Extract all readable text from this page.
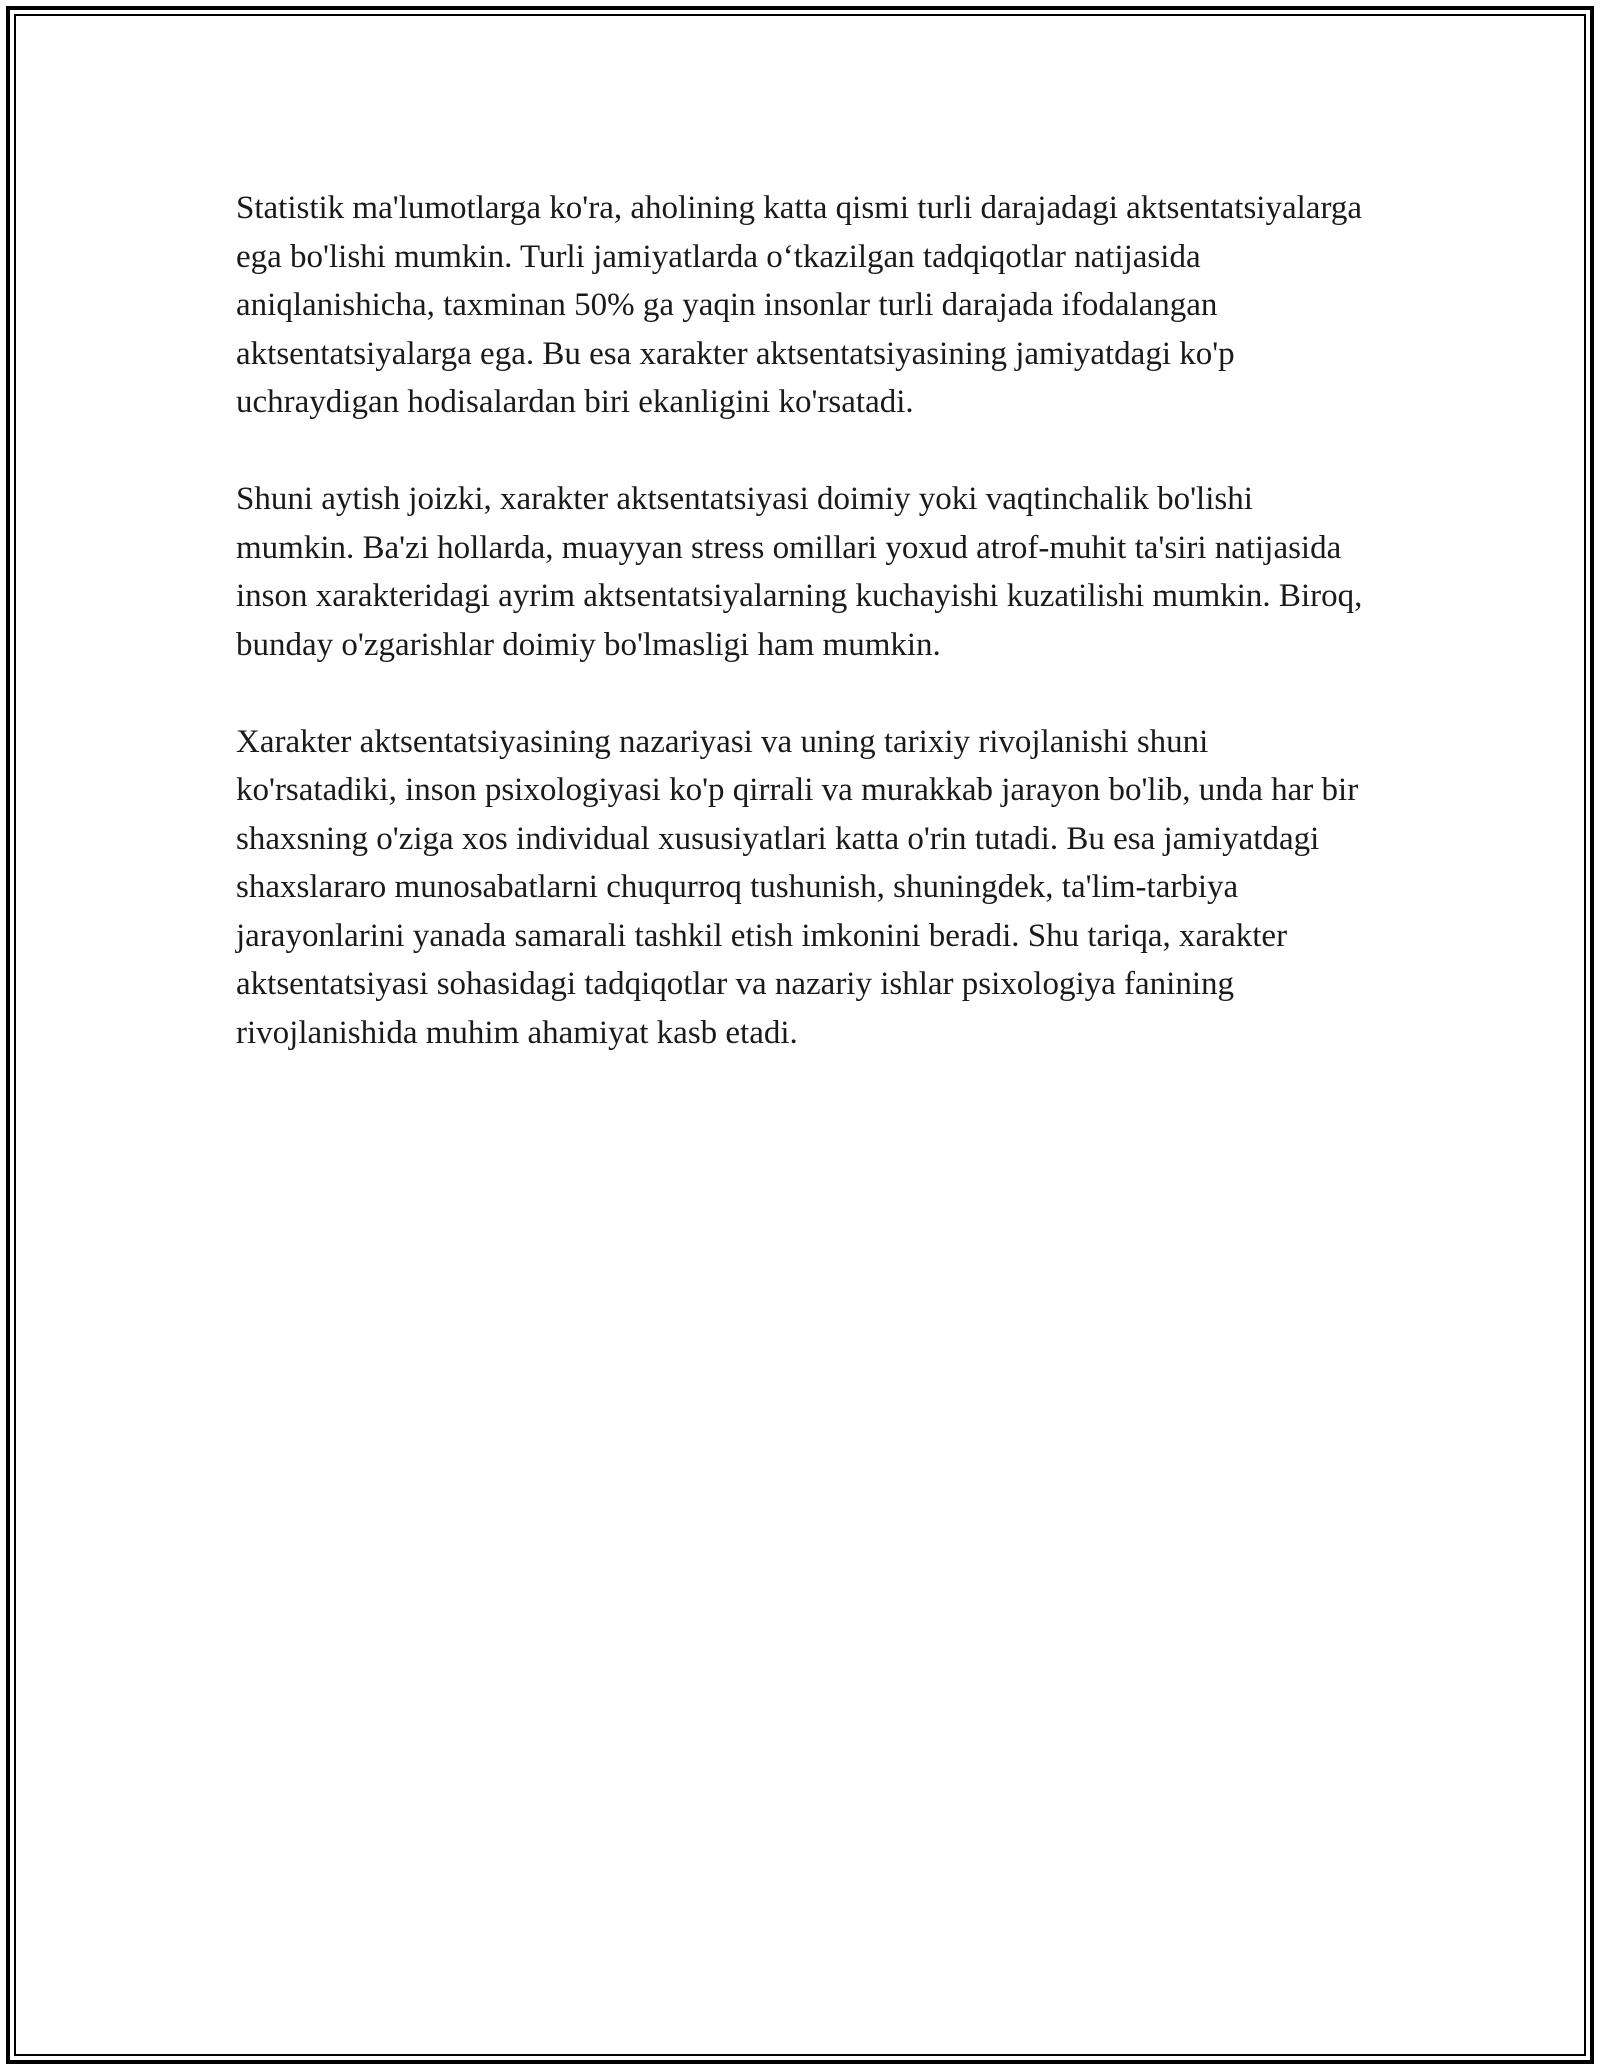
Statistik ma'lumotlarga ko'ra, aholining katta qismi turli darajadagi aktsentatsiyalarga ega bo'lishi mumkin. Turli jamiyatlarda o‘tkazilgan tadqiqotlar natijasida aniqlanishicha, taxminan 50% ga yaqin insonlar turli darajada ifodalangan aktsentatsiyalarga ega. Bu esa xarakter aktsentatsiyasining jamiyatdagi ko'p uchraydigan hodisalardan biri ekanligini ko'rsatadi.

Shuni aytish joizki, xarakter aktsentatsiyasi doimiy yoki vaqtinchalik bo'lishi mumkin. Ba'zi hollarda, muayyan stress omillari yoxud atrof-muhit ta'siri natijasida inson xarakteridagi ayrim aktsentatsiyalarning kuchayishi kuzatilishi mumkin. Biroq, bunday o'zgarishlar doimiy bo'lmasligi ham mumkin.

Xarakter aktsentatsiyasining nazariyasi va uning tarixiy rivojlanishi shuni ko'rsatadiki, inson psixologiyasi ko'p qirrali va murakkab jarayon bo'lib, unda har bir shaxsning o'ziga xos individual xususiyatlari katta o'rin tutadi. Bu esa jamiyatdagi shaxslararo munosabatlarni chuqurroq tushunish, shuningdek, ta'lim-tarbiya jarayonlarini yanada samarali tashkil etish imkonini beradi. Shu tariqa, xarakter aktsentatsiyasi sohasidagi tadqiqotlar va nazariy ishlar psixologiya fanining rivojlanishida muhim ahamiyat kasb etadi.
